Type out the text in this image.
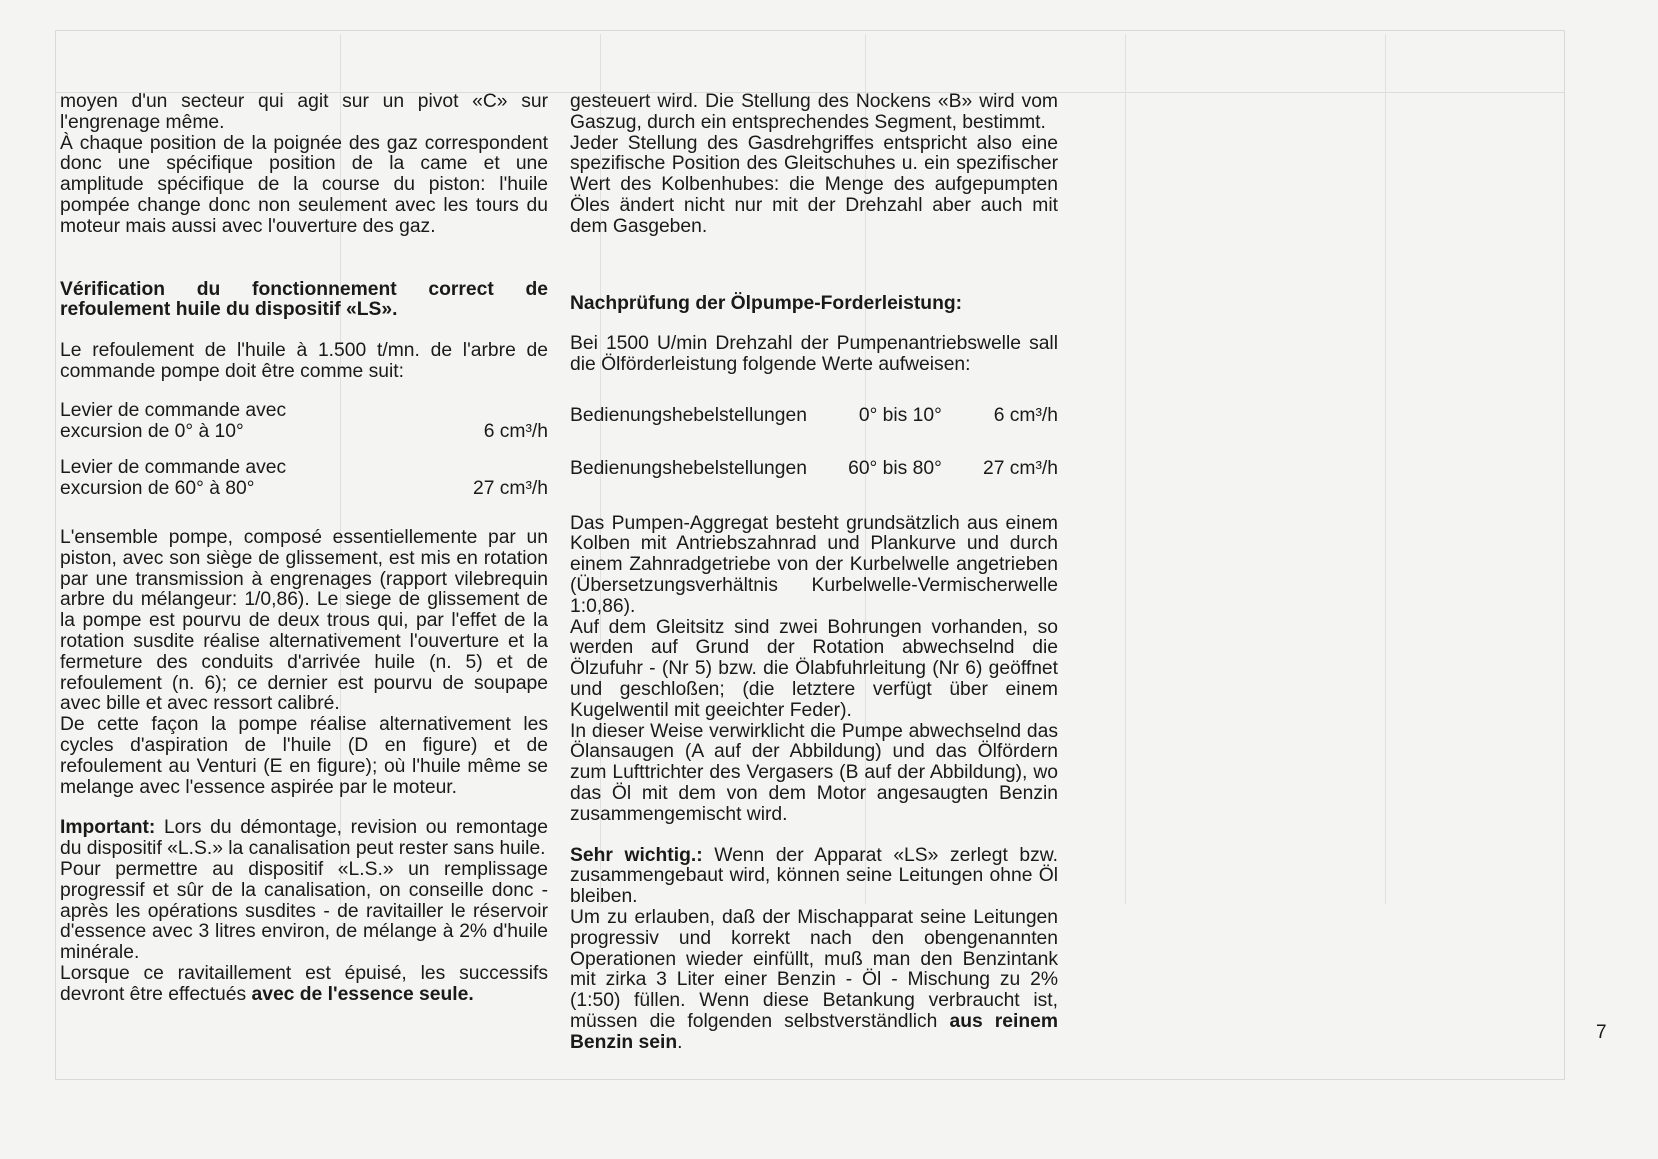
moyen d'un secteur qui agit sur un pivot «C» sur l'engrenage même.

À chaque position de la poignée des gaz correspondent donc une spécifique position de la came et une amplitude spécifique de la course du piston: l'huile pompée change donc non seulement avec les tours du moteur mais aussi avec l'ouverture des gaz.

Vérification du fonctionnement correct de refoulement huile du dispositif «LS».

Le refoulement de l'huile à 1.500 t/mn. de l'arbre de commande pompe doit être comme suit:

Levier de commande avec excursion de 0° à 10°	6 cm³/h
Levier de commande avec excursion de 60° à 80°	27 cm³/h

L'ensemble pompe, composé essentiellemente par un piston, avec son siège de glissement, est mis en rotation par une transmission à engrenages (rapport vilebrequin arbre du mélangeur: 1/0,86). Le siege de glissement de la pompe est pourvu de deux trous qui, par l'effet de la rotation susdite réalise alternativement l'ouverture et la fermeture des conduits d'arrivée huile (n. 5) et de refoulement (n. 6); ce dernier est pourvu de soupape avec bille et avec ressort calibré.

De cette façon la pompe réalise alternativement les cycles d'aspiration de l'huile (D en figure) et de refoulement au Venturi (E en figure); où l'huile même se melange avec l'essence aspirée par le moteur.

Important: Lors du démontage, revision ou remontage du dispositif «L.S.» la canalisation peut rester sans huile.

Pour permettre au dispositif «L.S.» un remplissage progressif et sûr de la canalisation, on conseille donc - après les opérations susdites - de ravitailler le réservoir d'essence avec 3 litres environ, de mélange à 2% d'huile minérale.

Lorsque ce ravitaillement est épuisé, les successifs devront être effectués avec de l'essence seule.

gesteuert wird. Die Stellung des Nockens «B» wird vom Gaszug, durch ein entsprechendes Segment, bestimmt.

Jeder Stellung des Gasdrehgriffes entspricht also eine spezifische Position des Gleitschuhes u. ein spezifischer Wert des Kolbenhubes: die Menge des aufgepumpten Öles ändert nicht nur mit der Drehzahl aber auch mit dem Gasgeben.

Nachprüfung der Ölpumpe-Forderleistung:

Bei 1500 U/min Drehzahl der Pumpenantriebswelle sall die Ölförderleistung folgende Werte aufweisen:

Bedienungshebelstellungen	0° bis 10°	6 cm³/h
Bedienungshebelstellungen 60° bis 80° 27 cm³/h

Das Pumpen-Aggregat besteht grundsätzlich aus einem Kolben mit Antriebszahnrad und Plankurve und durch einem Zahnradgetriebe von der Kurbelwelle angetrieben (Übersetzungsverhältnis Kurbelwelle-Vermischerwelle 1:0,86).

Auf dem Gleitsitz sind zwei Bohrungen vorhanden, so werden auf Grund der Rotation abwechselnd die Ölzufuhr - (Nr 5) bzw. die Ölabfuhrleitung (Nr 6) geöffnet und geschloßen; (die letztere verfügt über einem Kugelwentil mit geeichter Feder).

In dieser Weise verwirklicht die Pumpe abwechselnd das Ölansaugen (A auf der Abbildung) und das Ölfördern zum Lufttrichter des Vergasers (B auf der Abbildung), wo das Öl mit dem von dem Motor angesaugten Benzin zusammengemischt wird.

Sehr wichtig.: Wenn der Apparat «LS» zerlegt bzw. zusammengebaut wird, können seine Leitungen ohne Öl bleiben.

Um zu erlauben, daß der Mischapparat seine Leitungen progressiv und korrekt nach den obengenannten Operationen wieder einfüllt, muß man den Benzintank mit zirka 3 Liter einer Benzin - Öl - Mischung zu 2% (1:50) füllen. Wenn diese Betankung verbraucht ist, müssen die folgenden selbstverständlich aus reinem Benzin sein.	7
